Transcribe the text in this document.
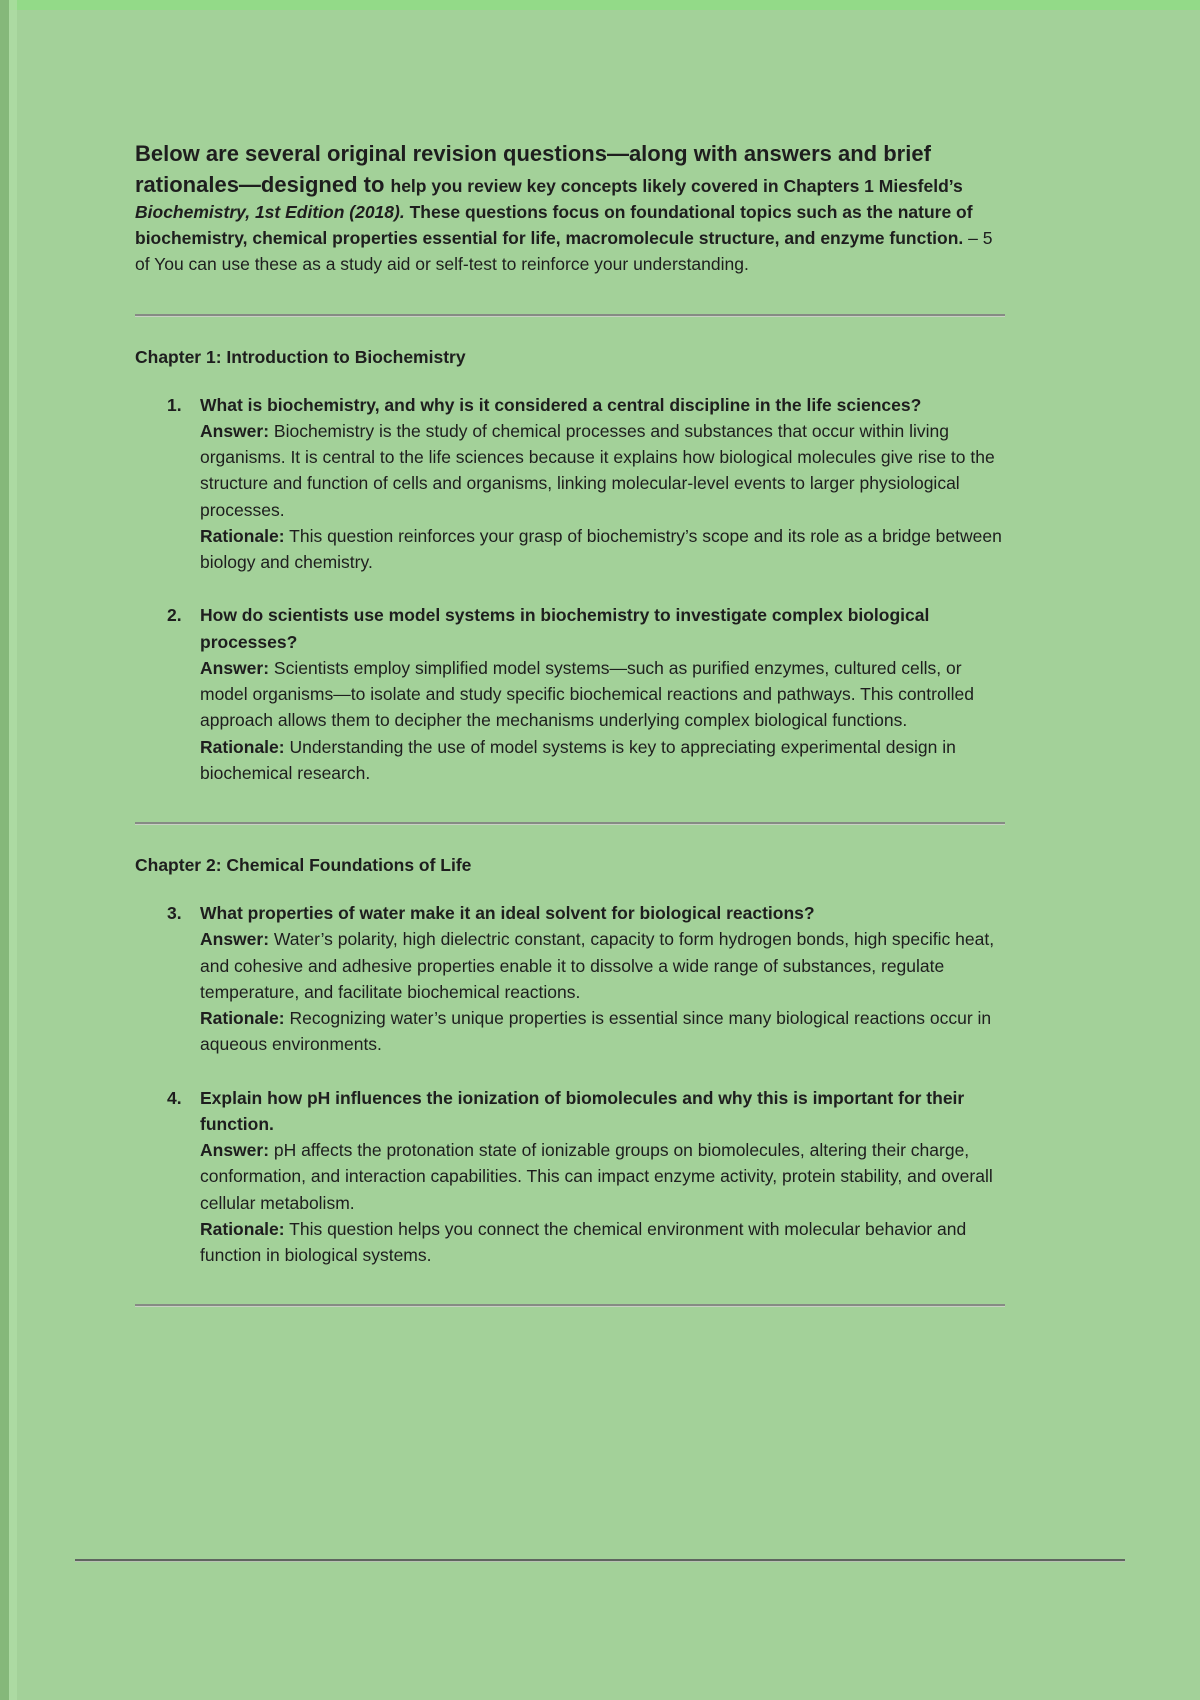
Below are several original revision questions—along with answers and brief rationales—designed to help you review key concepts likely covered in Chapters 1 Miesfeld’s Biochemistry, 1st Edition (2018). These questions focus on foundational topics such as the nature of biochemistry, chemical properties essential for life, macromolecule structure, and enzyme function. – 5 of You can use these as a study aid or self-test to reinforce your understanding.

Chapter 1: Introduction to Biochemistry
1. What is biochemistry, and why is it considered a central discipline in the life sciences?
Answer: Biochemistry is the study of chemical processes and substances that occur within living organisms. It is central to the life sciences because it explains how biological molecules give rise to the structure and function of cells and organisms, linking molecular-level events to larger physiological processes.
Rationale: This question reinforces your grasp of biochemistry’s scope and its role as a bridge between biology and chemistry.
2. How do scientists use model systems in biochemistry to investigate complex biological processes?
Answer: Scientists employ simplified model systems—such as purified enzymes, cultured cells, or model organisms—to isolate and study specific biochemical reactions and pathways. This controlled approach allows them to decipher the mechanisms underlying complex biological functions.
Rationale: Understanding the use of model systems is key to appreciating experimental design in biochemical research.
Chapter 2: Chemical Foundations of Life
3. What properties of water make it an ideal solvent for biological reactions?
Answer: Water’s polarity, high dielectric constant, capacity to form hydrogen bonds, high specific heat, and cohesive and adhesive properties enable it to dissolve a wide range of substances, regulate temperature, and facilitate biochemical reactions.
Rationale: Recognizing water’s unique properties is essential since many biological reactions occur in aqueous environments.
4. Explain how pH influences the ionization of biomolecules and why this is important for their function.
Answer: pH affects the protonation state of ionizable groups on biomolecules, altering their charge, conformation, and interaction capabilities. This can impact enzyme activity, protein stability, and overall cellular metabolism.
Rationale: This question helps you connect the chemical environment with molecular behavior and function in biological systems.
